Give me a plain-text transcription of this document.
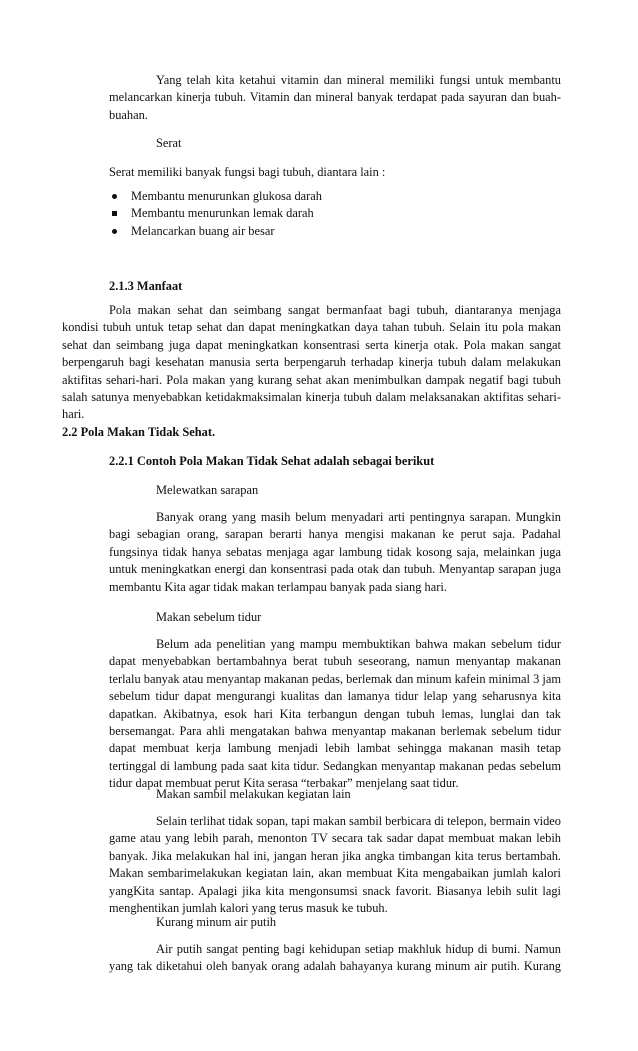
Yang telah kita ketahui vitamin dan mineral memiliki fungsi untuk membantu melancarkan kinerja tubuh. Vitamin dan mineral banyak terdapat pada sayuran dan buah-buahan.

Serat

Serat memiliki banyak fungsi bagi tubuh, diantara lain :

Membantu menurunkan glukosa darah
Membantu menurunkan lemak darah
Melancarkan buang air besar

2.1.3 Manfaat

Pola makan sehat dan seimbang sangat bermanfaat bagi tubuh, diantaranya menjaga kondisi tubuh untuk tetap sehat dan dapat meningkatkan daya tahan tubuh. Selain itu pola makan sehat dan seimbang juga dapat meningkatkan konsentrasi serta kinerja otak. Pola makan sangat berpengaruh bagi kesehatan manusia serta berpengaruh terhadap kinerja tubuh dalam melakukan aktifitas sehari-hari. Pola makan yang kurang sehat akan menimbulkan dampak negatif bagi tubuh salah satunya menyebabkan ketidakmaksimalan kinerja tubuh dalam melaksanakan aktifitas sehari-hari.

2.2 Pola Makan Tidak Sehat.

2.2.1 Contoh Pola Makan Tidak Sehat adalah sebagai berikut

Melewatkan sarapan

Banyak orang yang masih belum menyadari arti pentingnya sarapan. Mungkin bagi sebagian orang, sarapan berarti hanya mengisi makanan ke perut saja. Padahal fungsinya tidak hanya sebatas menjaga agar lambung tidak kosong saja, melainkan juga untuk meningkatkan energi dan konsentrasi pada otak dan tubuh. Menyantap sarapan juga membantu Kita agar tidak makan terlampau banyak pada siang hari.

Makan sebelum tidur

Belum ada penelitian yang mampu membuktikan bahwa makan sebelum tidur dapat menyebabkan bertambahnya berat tubuh seseorang, namun menyantap makanan terlalu banyak atau menyantap makanan pedas, berlemak dan minum kafein minimal 3 jam sebelum tidur dapat mengurangi kualitas dan lamanya tidur lelap yang seharusnya kita dapatkan. Akibatnya, esok hari Kita terbangun dengan tubuh lemas, lunglai dan tak bersemangat. Para ahli mengatakan bahwa menyantap makanan berlemak sebelum tidur dapat membuat kerja lambung menjadi lebih lambat sehingga makanan masih tetap tertinggal di lambung pada saat kita tidur. Sedangkan menyantap makanan pedas sebelum tidur dapat membuat perut Kita serasa “terbakar” menjelang saat tidur.

Makan sambil melakukan kegiatan lain

Selain terlihat tidak sopan, tapi makan sambil berbicara di telepon, bermain video game atau yang lebih parah, menonton TV secara tak sadar dapat membuat makan lebih banyak. Jika melakukan hal ini, jangan heran jika angka timbangan kita terus bertambah. Makan sembarimelakukan kegiatan lain, akan membuat Kita mengabaikan jumlah kalori yangKita santap. Apalagi jika kita mengonsumsi snack favorit. Biasanya lebih sulit lagi menghentikan jumlah kalori yang terus masuk ke tubuh.

Kurang minum air putih

Air putih sangat penting bagi kehidupan setiap makhluk hidup di bumi. Namun yang tak diketahui oleh banyak orang adalah bahayanya kurang minum air putih. Kurang
